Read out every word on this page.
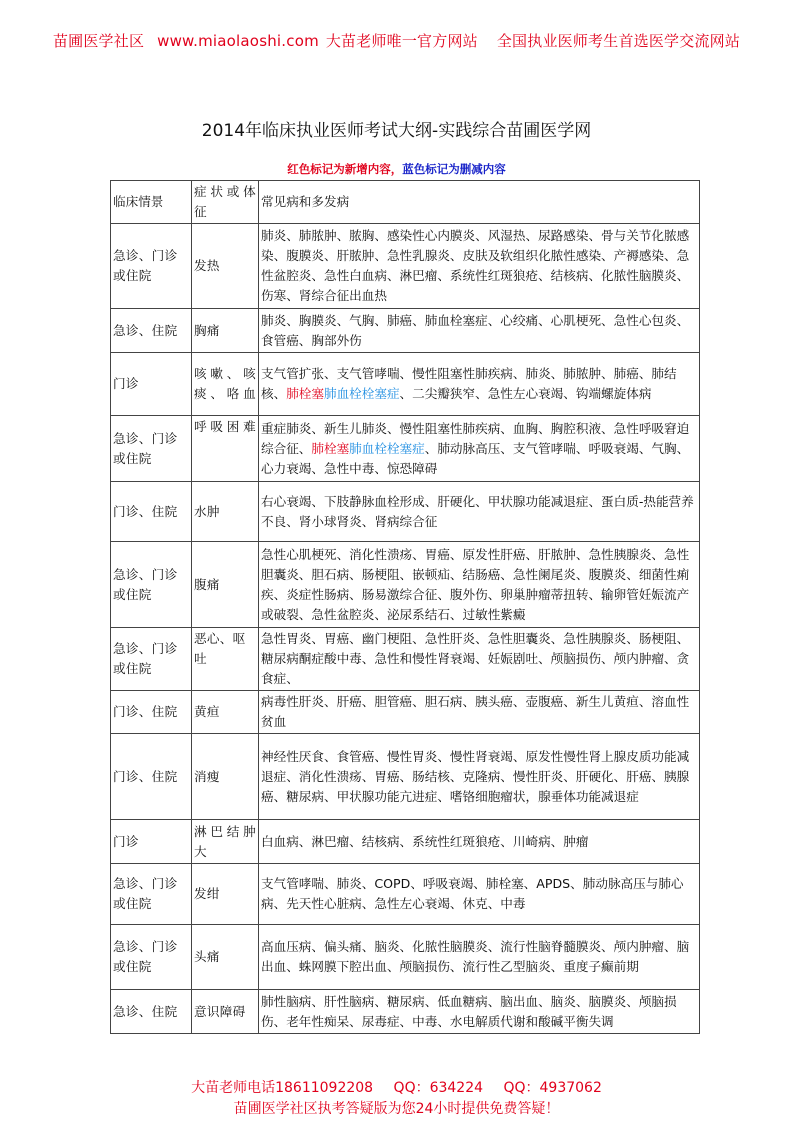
苗圃医学社区 www.miaolaoshi.com 大苗老师唯一官方网站 全国执业医师考生首选医学交流网站
2014年临床执业医师考试大纲-实践综合苗圃医学网
红色标记为新增内容，蓝色标记为删减内容
临床情景	症状或体征	常见病和多发病
急诊、门诊或住院	发热	肺炎、肺脓肿、脓胸、感染性心内膜炎、风湿热、尿路感染、骨与关节化脓感染、腹膜炎、肝脓肿、急性乳腺炎、皮肤及软组织化脓性感染、产褥感染、急性盆腔炎、急性白血病、淋巴瘤、系统性红斑狼疮、结核病、化脓性脑膜炎、伤寒、肾综合征出血热
急诊、住院	胸痛	肺炎、胸膜炎、气胸、肺癌、肺血栓塞症、心绞痛、心肌梗死、急性心包炎、食管癌、胸部外伤
门诊	咳嗽、咳痰、咯血	支气管扩张、支气管哮喘、慢性阻塞性肺疾病、肺炎、肺脓肿、肺癌、肺结核、肺栓塞肺血栓栓塞症、二尖瓣狭窄、急性左心衰竭、钩端螺旋体病
急诊、门诊或住院	呼吸困难	重症肺炎、新生儿肺炎、慢性阻塞性肺疾病、血胸、胸腔积液、急性呼吸窘迫综合征、肺栓塞肺血栓栓塞症、肺动脉高压、支气管哮喘、呼吸衰竭、气胸、心力衰竭、急性中毒、惊恐障碍
门诊、住院	水肿	右心衰竭、下肢静脉血栓形成、肝硬化、甲状腺功能减退症、蛋白质-热能营养不良、肾小球肾炎、肾病综合征
急诊、门诊或住院	腹痛	急性心肌梗死、消化性溃疡、胃癌、原发性肝癌、肝脓肿、急性胰腺炎、急性胆囊炎、胆石病、肠梗阻、嵌顿疝、结肠癌、急性阑尾炎、腹膜炎、细菌性痢疾、炎症性肠病、肠易激综合征、腹外伤、卵巢肿瘤蒂扭转、输卵管妊娠流产或破裂、急性盆腔炎、泌尿系结石、过敏性紫癜
急诊、门诊或住院	恶心、呕吐	急性胃炎、胃癌、幽门梗阻、急性肝炎、急性胆囊炎、急性胰腺炎、肠梗阻、糖尿病酮症酸中毒、急性和慢性肾衰竭、妊娠剧吐、颅脑损伤、颅内肿瘤、贪食症、
门诊、住院	黄疸	病毒性肝炎、肝癌、胆管癌、胆石病、胰头癌、壶腹癌、新生儿黄疸、溶血性贫血
门诊、住院	消瘦	神经性厌食、食管癌、慢性胃炎、慢性肾衰竭、原发性慢性肾上腺皮质功能减退症、消化性溃疡、胃癌、肠结核、克隆病、慢性肝炎、肝硬化、肝癌、胰腺癌、糖尿病、甲状腺功能亢进症、嗜铬细胞瘤状，腺垂体功能减退症
门诊	淋巴结肿大	白血病、淋巴瘤、结核病、系统性红斑狼疮、川崎病、肿瘤
急诊、门诊或住院	发绀	支气管哮喘、肺炎、COPD、呼吸衰竭、肺栓塞、APDS、肺动脉高压与肺心病、先天性心脏病、急性左心衰竭、休克、中毒
急诊、门诊或住院	头痛	高血压病、偏头痛、脑炎、化脓性脑膜炎、流行性脑脊髓膜炎、颅内肿瘤、脑出血、蛛网膜下腔出血、颅脑损伤、流行性乙型脑炎、重度子癫前期
急诊、住院	意识障碍	肺性脑病、肝性脑病、糖尿病、低血糖病、脑出血、脑炎、脑膜炎、颅脑损伤、老年性痴呆、尿毒症、中毒、水电解质代谢和酸碱平衡失调
大苗老师电话18611092208 QQ：634224 QQ：4937062
苗圃医学社区执考答疑版为您24小时提供免费答疑！
